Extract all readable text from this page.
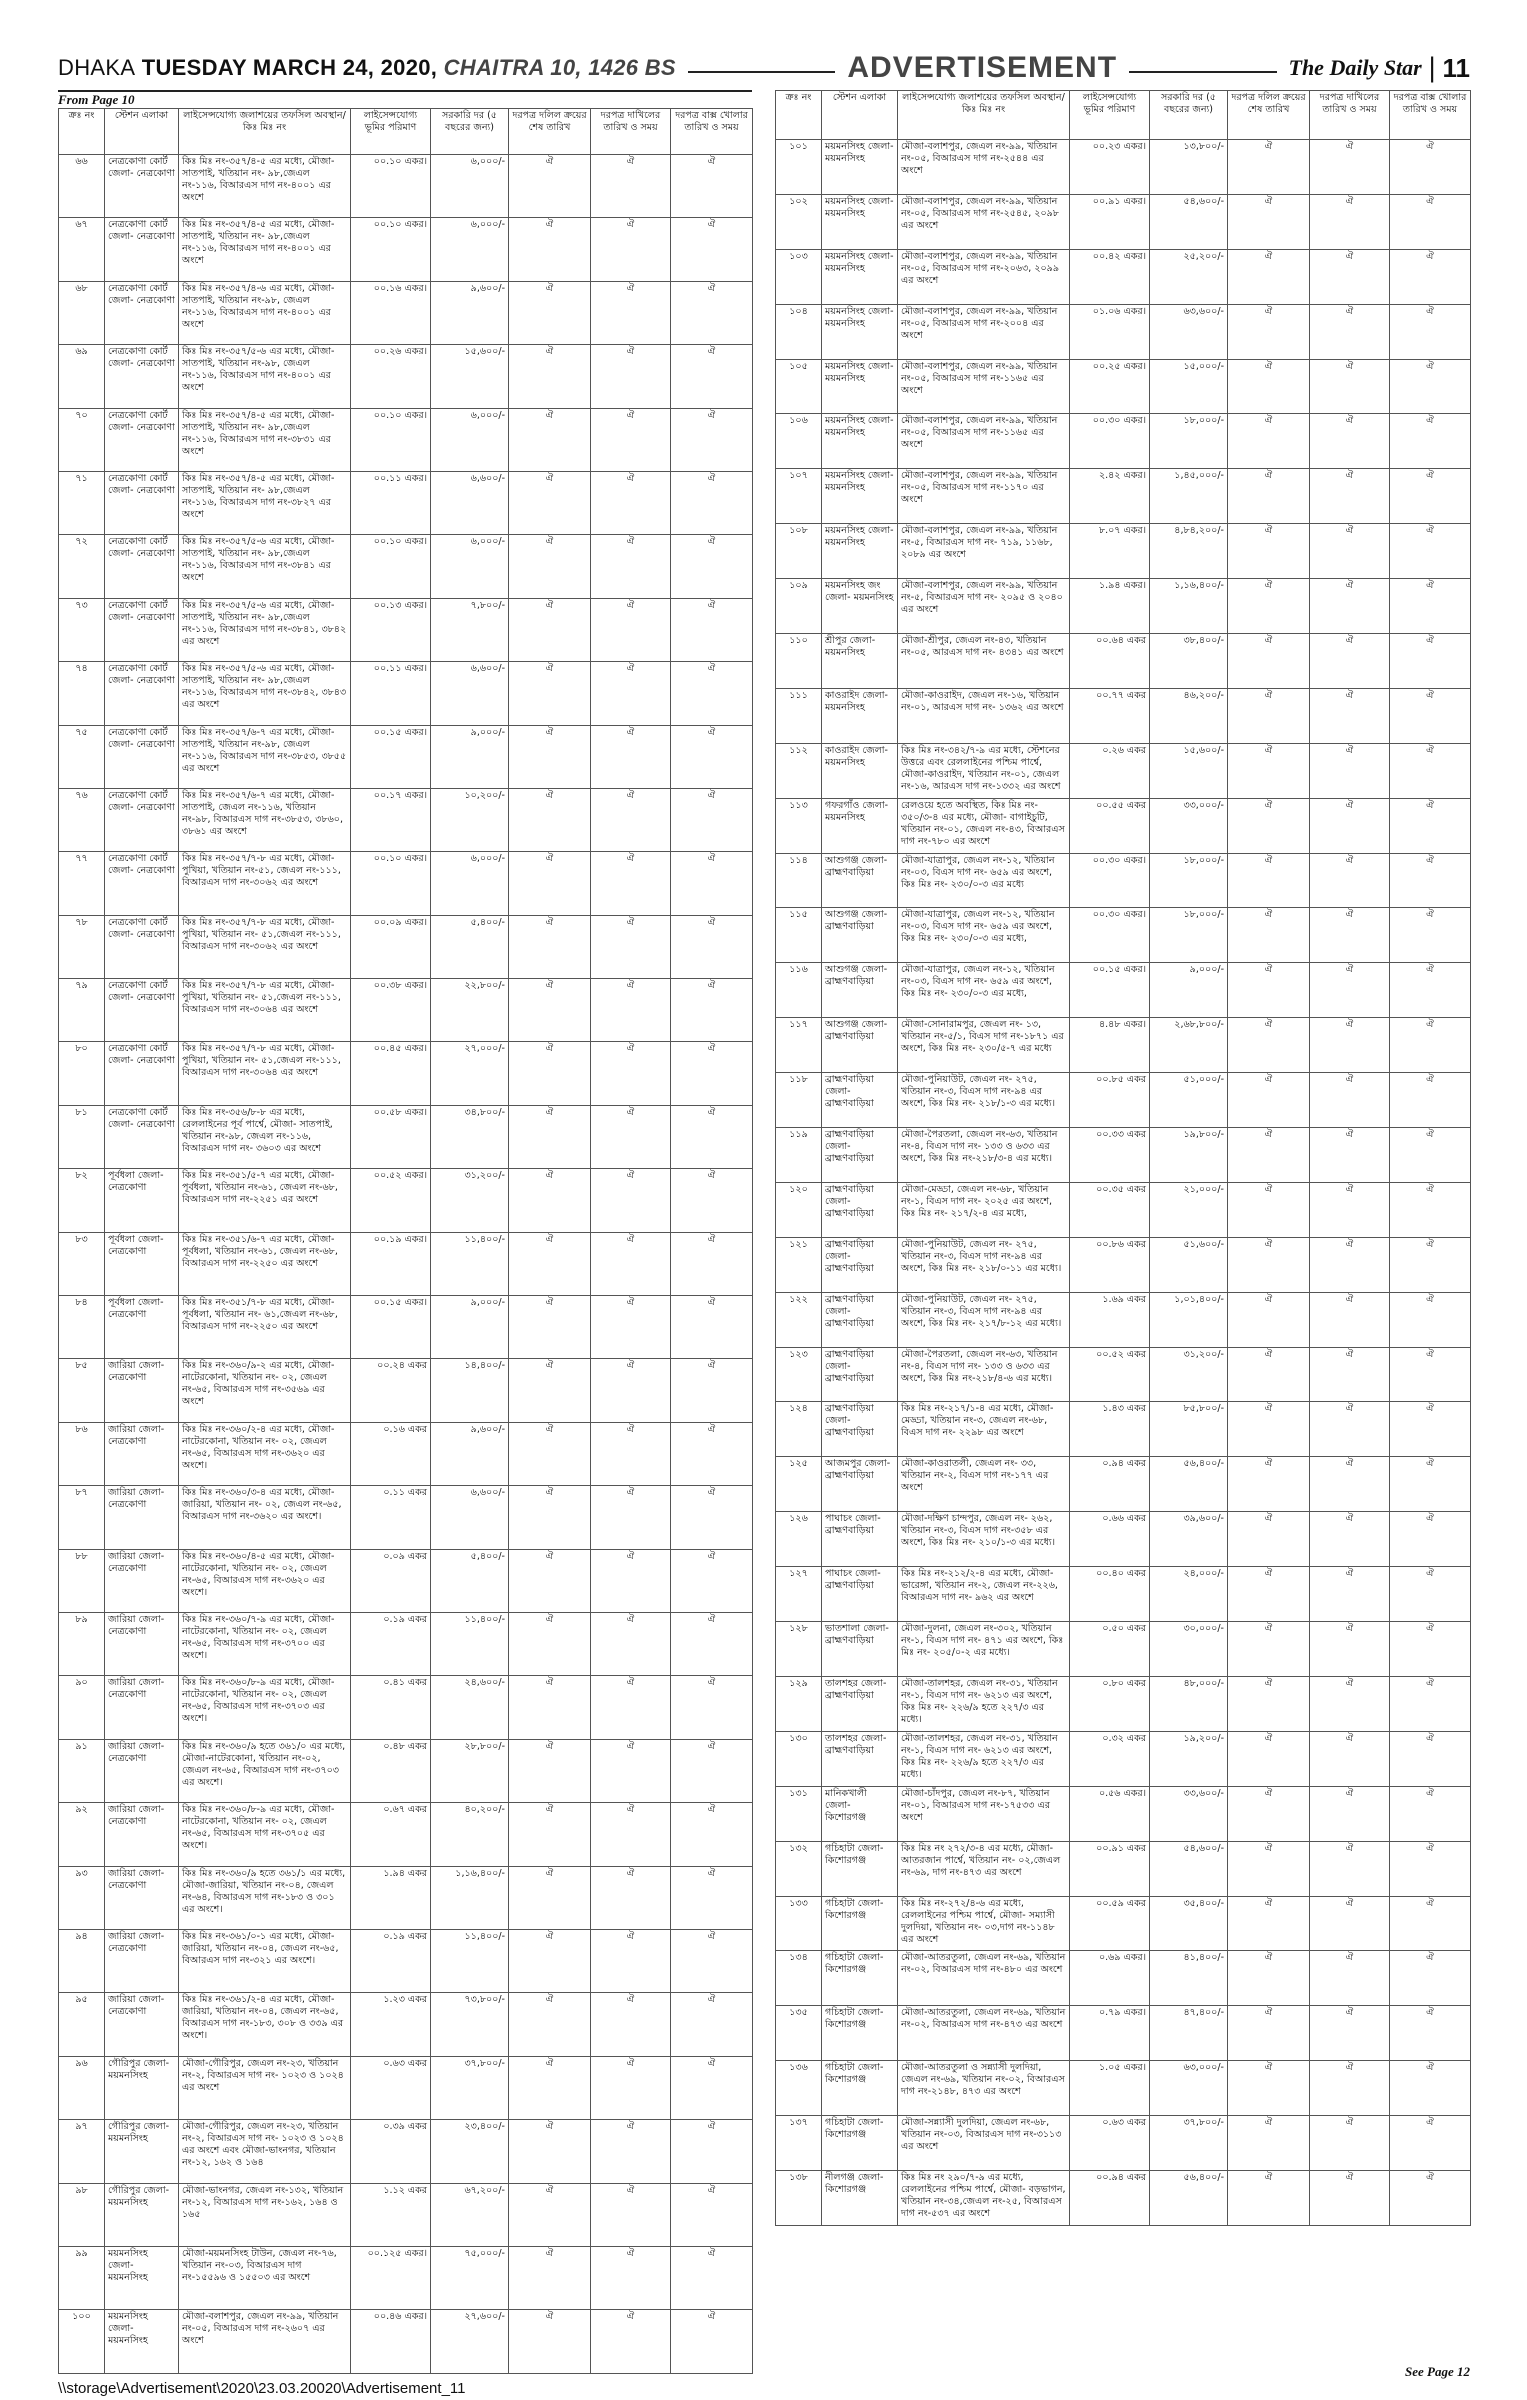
DHAKA TUESDAY MARCH 24, 2020, CHAITRA 10, 1426 BS	ADVERTISEMENT	The Daily Star | 11
From Page 10
ক্রঃ নং	স্টেশন এলাকা	লাইসেন্সযোগ্য জলাশয়ের তফসিল অবস্থান/কিঃ মিঃ নং	লাইসেন্সযোগ্য ভূমির পরিমাণ	সরকারি দর (৫ বছরের জন্য)	দরপত্র দলিল ক্রয়ের শেষ তারিখ	দরপত্র দাখিলের তারিখ ও সময়	দরপত্র বাক্স খোলার তারিখ ও সময়
৬৬	নেত্রকোণা কোর্ট জেলা- নেত্রকোণা	কিঃ মিঃ নং-৩৫৭/৪-৫ এর মধ্যে, মৌজা-সাতপাই, খতিয়ান নং- ৯৮,জেএল নং-১১৬, বিআরএস দাগ নং-৪০০১ এর অংশে	০০.১০ একর।	৬,০০০/-	ঐ	ঐ	ঐ
৬৭	নেত্রকোণা কোর্ট জেলা- নেত্রকোণা	কিঃ মিঃ নং-৩৫৭/৪-৫ এর মধ্যে, মৌজা-সাতপাই, খতিয়ান নং- ৯৮,জেএল নং-১১৬, বিআরএস দাগ নং-৪০০১ এর অংশে	০০.১০ একর।	৬,০০০/-	ঐ	ঐ	ঐ
৬৮	নেত্রকোণা কোর্ট জেলা- নেত্রকোণা	কিঃ মিঃ নং-৩৫৭/৪-৬ এর মধ্যে, মৌজা-সাতপাই, খতিয়ান নং-৯৮, জেএল নং-১১৬, বিআরএস দাগ নং-৪০০১ এর অংশে	০০.১৬ একর।	৯,৬০০/-	ঐ	ঐ	ঐ
৬৯	নেত্রকোণা কোর্ট জেলা- নেত্রকোণা	কিঃ মিঃ নং-৩৫৭/৫-৬ এর মধ্যে, মৌজা-সাতপাই, খতিয়ান নং-৯৮, জেএল নং-১১৬, বিআরএস দাগ নং-৪০০১ এর অংশে	০০.২৬ একর।	১৫,৬০০/-	ঐ	ঐ	ঐ
৭০	নেত্রকোণা কোর্ট জেলা- নেত্রকোণা	কিঃ মিঃ নং-৩৫৭/৪-৫ এর মধ্যে, মৌজা-সাতপাই, খতিয়ান নং- ৯৮,জেএল নং-১১৬, বিআরএস দাগ নং-৩৮৩১ এর অংশে	০০.১০ একর।	৬,০০০/-	ঐ	ঐ	ঐ
৭১	নেত্রকোণা কোর্ট জেলা- নেত্রকোণা	কিঃ মিঃ নং-৩৫৭/৪-৫ এর মধ্যে, মৌজা-সাতপাই, খতিয়ান নং- ৯৮,জেএল নং-১১৬, বিআরএস দাগ নং-৩৮২৭ এর অংশে	০০.১১ একর।	৬,৬০০/-	ঐ	ঐ	ঐ
৭২	নেত্রকোণা কোর্ট জেলা- নেত্রকোণা	কিঃ মিঃ নং-৩৫৭/৫-৬ এর মধ্যে, মৌজা-সাতপাই, খতিয়ান নং- ৯৮,জেএল নং-১১৬, বিআরএস দাগ নং-৩৮৪১ এর অংশে	০০.১০ একর।	৬,০০০/-	ঐ	ঐ	ঐ
৭৩	নেত্রকোণা কোর্ট জেলা- নেত্রকোণা	কিঃ মিঃ নং-৩৫৭/৫-৬ এর মধ্যে, মৌজা-সাতপাই, খতিয়ান নং- ৯৮,জেএল নং-১১৬, বিআরএস দাগ নং-৩৮৪১, ৩৮৪২ এর অংশে	০০.১৩ একর।	৭,৮০০/-	ঐ	ঐ	ঐ
৭৪	নেত্রকোণা কোর্ট জেলা- নেত্রকোণা	কিঃ মিঃ নং-৩৫৭/৫-৬ এর মধ্যে, মৌজা-সাতপাই, খতিয়ান নং- ৯৮,জেএল নং-১১৬, বিআরএস দাগ নং-৩৮৪২, ৩৮৪৩ এর অংশে	০০.১১ একর।	৬,৬০০/-	ঐ	ঐ	ঐ
৭৫	নেত্রকোণা কোর্ট জেলা- নেত্রকোণা	কিঃ মিঃ নং-৩৫৭/৬-৭ এর মধ্যে, মৌজা-সাতপাই, খতিয়ান নং-৯৮, জেএল নং-১১৬, বিআরএস দাগ নং-৩৮৫৩, ৩৮৫৫ এর অংশে	০০.১৫ একর।	৯,০০০/-	ঐ	ঐ	ঐ
৭৬	নেত্রকোণা কোর্ট জেলা- নেত্রকোণা	কিঃ মিঃ নং-৩৫৭/৬-৭ এর মধ্যে, মৌজা-সাতপাই, জেএল নং-১১৬, খতিয়ান নং-৯৮, বিআরএস দাগ নং-৩৮৫৩, ৩৮৬০, ৩৮৬১ এর অংশে	০০.১৭ একর।	১০,২০০/-	ঐ	ঐ	ঐ
৭৭	নেত্রকোণা কোর্ট জেলা- নেত্রকোণা	কিঃ মিঃ নং-৩৫৭/৭-৮ এর মধ্যে, মৌজা-পুখিয়া, খতিয়ান নং-৫১, জেএল নং-১১১, বিআরএস দাগ নং-৩০৬২ এর অংশে	০০.১০ একর।	৬,০০০/-	ঐ	ঐ	ঐ
৭৮	নেত্রকোণা কোর্ট জেলা- নেত্রকোণা	কিঃ মিঃ নং-৩৫৭/৭-৮ এর মধ্যে, মৌজা-পুখিয়া, খতিয়ান নং- ৫১,জেএল নং-১১১, বিআরএস দাগ নং-৩০৬২ এর অংশে	০০.০৯ একর।	৫,৪০০/-	ঐ	ঐ	ঐ
৭৯	নেত্রকোণা কোর্ট জেলা- নেত্রকোণা	কিঃ মিঃ নং-৩৫৭/৭-৮ এর মধ্যে, মৌজা-পুখিয়া, খতিয়ান নং- ৫১,জেএল নং-১১১, বিআরএস দাগ নং-৩০৬৪ এর অংশে	০০.৩৮ একর।	২২,৮০০/-	ঐ	ঐ	ঐ
৮০	নেত্রকোণা কোর্ট জেলা- নেত্রকোণা	কিঃ মিঃ নং-৩৫৭/৭-৮ এর মধ্যে, মৌজা-পুখিয়া, খতিয়ান নং- ৫১,জেএল নং-১১১, বিআরএস দাগ নং-৩০৬৪ এর অংশে	০০.৪৫ একর।	২৭,০০০/-	ঐ	ঐ	ঐ
৮১	নেত্রকোণা কোর্ট জেলা- নেত্রকোণা	কিঃ মিঃ নং-৩৫৬/৮-৮ এর মধ্যে, রেললাইনের পূর্ব পার্শ্বে, মৌজা- সাতপাই, খতিয়ান নং-৯৮, জেএল নং-১১৬, বিআরএস দাগ নং- ৩৬০৩ এর অংশে	০০.৫৮ একর।	৩৪,৮০০/-	ঐ	ঐ	ঐ
৮২	পূর্বধলা জেলা- নেত্রকোণা	কিঃ মিঃ নং-৩৫১/৫-৭ এর মধ্যে, মৌজা-পূর্বধলা, খতিয়ান নং-৬১, জেএল নং-৬৮, বিআরএস দাগ নং-২২৫১ এর অংশে	০০.৫২ একর।	৩১,২০০/-	ঐ	ঐ	ঐ
৮৩	পূর্বধলা জেলা- নেত্রকোণা	কিঃ মিঃ নং-৩৫১/৬-৭ এর মধ্যে, মৌজা-পূর্বধলা, খতিয়ান নং-৬১, জেএল নং-৬৮, বিআরএস দাগ নং-২২৫০ এর অংশে	০০.১৯ একর।	১১,৪০০/-	ঐ	ঐ	ঐ
৮৪	পূর্বধলা জেলা- নেত্রকোণা	কিঃ মিঃ নং-৩৫১/৭-৮ এর মধ্যে, মৌজা-পূর্বধলা, খতিয়ান নং- ৬১,জেএল নং-৬৮, বিআরএস দাগ নং-২২৫০ এর অংশে	০০.১৫ একর।	৯,০০০/-	ঐ	ঐ	ঐ
৮৫	জারিয়া জেলা- নেত্রকোণা	কিঃ মিঃ নং-৩৬০/৯-২ এর মধ্যে, মৌজা-নাটেরকোনা, খতিয়ান নং- ০২, জেএল নং-৬৫, বিআরএস দাগ নং-৩৫৬৯ এর অংশে	০০.২৪ একর	১৪,৪০০/-	ঐ	ঐ	ঐ
৮৬	জারিয়া জেলা- নেত্রকোণা	কিঃ মিঃ নং-৩৬০/২-৪ এর মধ্যে, মৌজা-নাটেরকোনা, খতিয়ান নং- ০২, জেএল নং-৬৫, বিআরএস দাগ নং-৩৬২০ এর অংশে।	০.১৬ একর	৯,৬০০/-	ঐ	ঐ	ঐ
৮৭	জারিয়া জেলা- নেত্রকোণা	কিঃ মিঃ নং-৩৬০/৩-৪ এর মধ্যে, মৌজা-জারিয়া, খতিয়ান নং- ০২, জেএল নং-৬৫, বিআরএস দাগ নং-৩৬২০ এর অংশে।	০.১১ একর	৬,৬০০/-	ঐ	ঐ	ঐ
৮৮	জারিয়া জেলা- নেত্রকোণা	কিঃ মিঃ নং-৩৬০/৪-৫ এর মধ্যে, মৌজা-নাটেরকোনা, খতিয়ান নং- ০২, জেএল নং-৬৫, বিআরএস দাগ নং-৩৬২০ এর অংশে।	০.০৯ একর	৫,৪০০/-	ঐ	ঐ	ঐ
৮৯	জারিয়া জেলা- নেত্রকোণা	কিঃ মিঃ নং-৩৬০/৭-৯ এর মধ্যে, মৌজা-নাটেরকোনা, খতিয়ান নং- ০২, জেএল নং-৬৫, বিআরএস দাগ নং-৩৭০০ এর অংশে।	০.১৯ একর	১১,৪০০/-	ঐ	ঐ	ঐ
৯০	জারিয়া জেলা- নেত্রকোণা	কিঃ মিঃ নং-৩৬০/৮-৯ এর মধ্যে, মৌজা-নাটেরকোনা, খতিয়ান নং- ০২, জেএল নং-৬৫, বিআরএস দাগ নং-৩৭০৩ এর অংশে।	০.৪১ একর	২৪,৬০০/-	ঐ	ঐ	ঐ
৯১	জারিয়া জেলা- নেত্রকোণা	কিঃ মিঃ নং-৩৬০/৯ হতে ৩৬১/০ এর মধ্যে, মৌজা-নাটেরকোনা, খতিয়ান নং-০২, জেএল নং-৬৫, বিআরএস দাগ নং-৩৭০৩ এর অংশে।	০.৪৮ একর	২৮,৮০০/-	ঐ	ঐ	ঐ
৯২	জারিয়া জেলা- নেত্রকোণা	কিঃ মিঃ নং-৩৬০/৮-৯ এর মধ্যে, মৌজা-নাটেরকোনা, খতিয়ান নং- ০২, জেএল নং-৬৫, বিআরএস দাগ নং-৩৭০৫ এর অংশে।	০.৬৭ একর	৪০,২০০/-	ঐ	ঐ	ঐ
৯৩	জারিয়া জেলা- নেত্রকোণা	কিঃ মিঃ নং-৩৬০/৯ হতে ৩৬১/১ এর মধ্যে, মৌজা-জারিয়া, খতিয়ান নং-০৪, জেএল নং-৬৪, বিআরএস দাগ নং-১৮৩ ও ৩০১ এর অংশে।	১.৯৪ একর	১,১৬,৪০০/-	ঐ	ঐ	ঐ
৯৪	জারিয়া জেলা- নেত্রকোণা	কিঃ মিঃ নং-৩৬১/০-১ এর মধ্যে, মৌজা-জারিয়া, খতিয়ান নং-০৪, জেএল নং-৬৫, বিআরএস দাগ নং-৩২১ এর অংশে।	০.১৯ একর	১১,৪০০/-	ঐ	ঐ	ঐ
৯৫	জারিয়া জেলা- নেত্রকোণা	কিঃ মিঃ নং-৩৬১/২-৪ এর মধ্যে, মৌজা-জারিয়া, খতিয়ান নং-০৪, জেএল নং-৬৫, বিআরএস দাগ নং-১৮৩, ৩০৮ ও ৩৩৯ এর অংশে।	১.২৩ একর	৭৩,৮০০/-	ঐ	ঐ	ঐ
৯৬	গৌরিপুর জেলা- ময়মনসিংহ	মৌজা-গৌরিপুর, জেএল নং-২৩, খতিয়ান নং-২, বিআরএস দাগ নং- ১০২৩ ও ১০২৪ এর অংশে	০.৬৩ একর	৩৭,৮০০/-	ঐ	ঐ	ঐ
৯৭	গৌরিপুর জেলা- ময়মনসিংহ	মৌজা-গৌরিপুর, জেএল নং-২৩, খতিয়ান নং-২, বিআরএস দাগ নং- ১০২৩ ও ১০২৪ এর অংশে এবং মৌজা-ভাংনগর, খতিয়ান নং-১২, ১৬২ ও ১৬৪	০.৩৯ একর	২৩,৪০০/-	ঐ	ঐ	ঐ
৯৮	গৌরিপুর জেলা- ময়মনসিংহ	মৌজা-ভাংনগর, জেএল নং-১৩২, খতিয়ান নং-১২, বিআরএস দাগ নং-১৬২, ১৬৪ ও ১৬৫	১.১২ একর	৬৭,২০০/-	ঐ	ঐ	ঐ
৯৯	ময়মনসিংহ জেলা- ময়মনসিংহ	মৌজা-ময়মনসিংহ টাউন, জেএল নং-৭৬, খতিয়ান নং-০৩, বিআরএস দাগ নং-১৫৫৯৬ ও ১৫৫০৩ এর অংশে	০০.১২৫ একর।	৭৫,০০০/-	ঐ	ঐ	ঐ
১০০	ময়মনসিংহ জেলা- ময়মনসিংহ	মৌজা-বলাশপুর, জেএল নং-৯৯, খতিয়ান নং-০৫, বিআরএস দাগ নং-২৬০৭ এর অংশে	০০.৪৬ একর।	২৭,৬০০/-	ঐ	ঐ	ঐ
ক্রঃ নং	স্টেশন এলাকা	লাইসেন্সযোগ্য জলাশয়ের তফসিল অবস্থান/কিঃ মিঃ নং	লাইসেন্সযোগ্য ভূমির পরিমাণ	সরকারি দর (৫ বছরের জন্য)	দরপত্র দলিল ক্রয়ের শেষ তারিখ	দরপত্র দাখিলের তারিখ ও সময়	দরপত্র বাক্স খোলার তারিখ ও সময়
১০১	ময়মনসিংহ জেলা- ময়মনসিংহ	মৌজা-বলাশপুর, জেএল নং-৯৯, খতিয়ান নং-০৫, বিআরএস দাগ নং-২৫৪৪ এর অংশে	০০.২৩ একর।	১৩,৮০০/-	ঐ	ঐ	ঐ
১০২	ময়মনসিংহ জেলা- ময়মনসিংহ	মৌজা-বলাশপুর, জেএল নং-৯৯, খতিয়ান নং-০৫, বিআরএস দাগ নং-২৫৪৫, ২০৯৮ এর অংশে	০০.৯১ একর।	৫৪,৬০০/-	ঐ	ঐ	ঐ
১০৩	ময়মনসিংহ জেলা- ময়মনসিংহ	মৌজা-বলাশপুর, জেএল নং-৯৯, খতিয়ান নং-০৫, বিআরএস দাগ নং-২০৬৩, ২০৯৯ এর অংশে	০০.৪২ একর।	২৫,২০০/-	ঐ	ঐ	ঐ
১০৪	ময়মনসিংহ জেলা- ময়মনসিংহ	মৌজা-বলাশপুর, জেএল নং-৯৯, খতিয়ান নং-০৫, বিআরএস দাগ নং-২০০৪ এর অংশে	০১.০৬ একর।	৬৩,৬০০/-	ঐ	ঐ	ঐ
১০৫	ময়মনসিংহ জেলা- ময়মনসিংহ	মৌজা-বলাশপুর, জেএল নং-৯৯, খতিয়ান নং-০৫, বিআরএস দাগ নং-১১৬৫ এর অংশে	০০.২৫ একর।	১৫,০০০/-	ঐ	ঐ	ঐ
১০৬	ময়মনসিংহ জেলা- ময়মনসিংহ	মৌজা-বলাশপুর, জেএল নং-৯৯, খতিয়ান নং-০৫, বিআরএস দাগ নং-১১৬৫ এর অংশে	০০.৩০ একর।	১৮,০০০/-	ঐ	ঐ	ঐ
১০৭	ময়মনসিংহ জেলা- ময়মনসিংহ	মৌজা-বলাশপুর, জেএল নং-৯৯, খতিয়ান নং-০৫, বিআরএস দাগ নং-১১৭০ এর অংশে	২.৪২ একর।	১,৪৫,০০০/-	ঐ	ঐ	ঐ
১০৮	ময়মনসিংহ জেলা- ময়মনসিংহ	মৌজা-বলাশপুর, জেএল নং-৯৯, খতিয়ান নং-৫, বিআরএস দাগ নং- ৭১৯, ১১৬৮, ২০৮৯ এর অংশে	৮.০৭ একর।	৪,৮৪,২০০/-	ঐ	ঐ	ঐ
১০৯	ময়মনসিংহ জং জেলা- ময়মনসিংহ	মৌজা-বলাশপুর, জেএল নং-৯৯, খতিয়ান নং-৫, বিআরএস দাগ নং- ২০৯৫ ও ২০৪০ এর অংশে	১.৯৪ একর।	১,১৬,৪০০/-	ঐ	ঐ	ঐ
১১০	শ্রীপুর জেলা- ময়মনসিংহ	মৌজা-শ্রীপুর, জেএল নং-৪৩, খতিয়ান নং-০৫, আরএস দাগ নং- ৪৩৪১ এর অংশে	০০.৬৪ একর	৩৮,৪০০/-	ঐ	ঐ	ঐ
১১১	কাওরাইদ জেলা- ময়মনসিংহ	মৌজা-কাওরাইদ, জেএল নং-১৬, খতিয়ান নং-০১, আরএস দাগ নং- ১৩৬২ এর অংশে	০০.৭৭ একর	৪৬,২০০/-	ঐ	ঐ	ঐ
১১২	কাওরাইদ জেলা- ময়মনসিংহ	কিঃ মিঃ নং-৩৪২/৭-৯ এর মধ্যে, স্টেশনের উত্তরে এবং রেললাইনের পশ্চিম পার্শ্বে, মৌজা-কাওরাইদ, খতিয়ান নং-০১, জেএল নং-১৬, আরএস দাগ নং-১৩৩২ এর অংশে	০.২৬ একর	১৫,৬০০/-	ঐ	ঐ	ঐ
১১৩	গফরগাঁও জেলা- ময়মনসিংহ	রেলওয়ে হতে অবস্থিত, কিঃ মিঃ নং- ৩৫০/৩-৪ এর মধ্যে, মৌজা- বাগাইচুটি, খতিয়ান নং-০১, জেএল নং-৪৩, বিআরএস দাগ নং-৭৮০ এর অংশে	০০.৫৫ একর	৩৩,০০০/-	ঐ	ঐ	ঐ
১১৪	আশুগঞ্জ জেলা- ব্রাহ্মণবাড়িয়া	মৌজা-যাত্রাপুর, জেএল নং-১২, খতিয়ান নং-০৩, বিএস দাগ নং- ৬৫৯ এর অংশে, কিঃ মিঃ নং- ২৩০/০-৩ এর মধ্যে	০০.৩০ একর।	১৮,০০০/-	ঐ	ঐ	ঐ
১১৫	আশুগঞ্জ জেলা- ব্রাহ্মণবাড়িয়া	মৌজা-যাত্রাপুর, জেএল নং-১২, খতিয়ান নং-০৩, বিএস দাগ নং- ৬৫৯ এর অংশে, কিঃ মিঃ নং- ২৩০/০-৩ এর মধ্যে,	০০.৩০ একর।	১৮,০০০/-	ঐ	ঐ	ঐ
১১৬	আশুগঞ্জ জেলা- ব্রাহ্মণবাড়িয়া	মৌজা-যাত্রাপুর, জেএল নং-১২, খতিয়ান নং-০৩, বিএস দাগ নং- ৬৫৯ এর অংশে, কিঃ মিঃ নং- ২৩০/০-৩ এর মধ্যে,	০০.১৫ একর।	৯,০০০/-	ঐ	ঐ	ঐ
১১৭	আশুগঞ্জ জেলা- ব্রাহ্মণবাড়িয়া	মৌজা-সোনারামপুর, জেএল নং- ১৩, খতিয়ান নং-৫/১, বিএস দাগ নং-১৮৭১ এর অংশে, কিঃ মিঃ নং- ২৩০/৫-৭ এর মধ্যে	৪.৪৮ একর।	২,৬৮,৮০০/-	ঐ	ঐ	ঐ
১১৮	ব্রাহ্মণবাড়িয়া জেলা- ব্রাহ্মণবাড়িয়া	মৌজা-পুনিয়াউট, জেএল নং- ২৭৫, খতিয়ান নং-৩, বিএস দাগ নং-৯৪ এর অংশে, কিঃ মিঃ নং- ২১৮/১-৩ এর মধ্যে।	০০.৮৫ একর	৫১,০০০/-	ঐ	ঐ	ঐ
১১৯	ব্রাহ্মণবাড়িয়া জেলা- ব্রাহ্মণবাড়িয়া	মৌজা-পৈরতলা, জেএল নং-৬৩, খতিয়ান নং-৪, বিএস দাগ নং- ১৩৩ ও ৬৩৩ এর অংশে, কিঃ মিঃ নং-২১৮/৩-৪ এর মধ্যে।	০০.৩৩ একর	১৯,৮০০/-	ঐ	ঐ	ঐ
১২০	ব্রাহ্মণবাড়িয়া জেলা- ব্রাহ্মণবাড়িয়া	মৌজা-মেড্ডা, জেএল নং-৬৮, খতিয়ান নং-১, বিএস দাগ নং- ২০২৫ এর অংশে, কিঃ মিঃ নং- ২১৭/২-৪ এর মধ্যে,	০০.৩৫ একর	২১,০০০/-	ঐ	ঐ	ঐ
১২১	ব্রাহ্মণবাড়িয়া জেলা- ব্রাহ্মণবাড়িয়া	মৌজা-পুনিয়াউট, জেএল নং- ২৭৫, খতিয়ান নং-৩, বিএস দাগ নং-৯৪ এর অংশে, কিঃ মিঃ নং- ২১৮/০-১১ এর মধ্যে।	০০.৮৬ একর	৫১,৬০০/-	ঐ	ঐ	ঐ
১২২	ব্রাহ্মণবাড়িয়া জেলা- ব্রাহ্মণবাড়িয়া	মৌজা-পুনিয়াউট, জেএল নং- ২৭৫, খতিয়ান নং-৩, বিএস দাগ নং-৯৪ এর অংশে, কিঃ মিঃ নং- ২১৭/৮-১২ এর মধ্যে।	১.৬৯ একর	১,০১,৪০০/-	ঐ	ঐ	ঐ
১২৩	ব্রাহ্মণবাড়িয়া জেলা- ব্রাহ্মণবাড়িয়া	মৌজা-পৈরতলা, জেএল নং-৬৩, খতিয়ান নং-৪, বিএস দাগ নং- ১৩৩ ও ৬৩৩ এর অংশে, কিঃ মিঃ নং-২১৮/৪-৬ এর মধ্যে।	০০.৫২ একর	৩১,২০০/-	ঐ	ঐ	ঐ
১২৪	ব্রাহ্মণবাড়িয়া জেলা- ব্রাহ্মণবাড়িয়া	কিঃ মিঃ নং-২১৭/১-৪ এর মধ্যে, মৌজা-মেড্ডা, খতিয়ান নং-৩, জেএল নং-৬৮, বিএস দাগ নং- ২২৯৮ এর অংশে	১.৪৩ একর	৮৫,৮০০/-	ঐ	ঐ	ঐ
১২৫	আজমপুর জেলা- ব্রাহ্মণবাড়িয়া	মৌজা-কাওরাতলী, জেএল নং- ৩৩, খতিয়ান নং-২, বিএস দাগ নং-১৭৭ এর অংশে	০.৯৪ একর	৫৬,৪০০/-	ঐ	ঐ	ঐ
১২৬	পাঘাচং জেলা- ব্রাহ্মণবাড়িয়া	মৌজা-দক্ষিণ চান্দপুর, জেএল নং- ২৬২, খতিয়ান নং-৩, বিএস দাগ নং-৩৫৮ এর অংশে, কিঃ মিঃ নং- ২১০/১-৩ এর মধ্যে।	০.৬৬ একর	৩৯,৬০০/-	ঐ	ঐ	ঐ
১২৭	পাঘাচং জেলা- ব্রাহ্মণবাড়িয়া	কিঃ মিঃ নং-২১২/২-৪ এর মধ্যে, মৌজা-ভারেঙ্গা, খতিয়ান নং-২, জেএল নং-২২৬, বিআরএস দাগ নং- ৯৬২ এর অংশে	০০.৪০ একর	২৪,০০০/-	ঐ	ঐ	ঐ
১২৮	ভাতশালা জেলা- ব্রাহ্মণবাড়িয়া	মৌজা-দুলনা, জেএল নং-৩০২, খতিয়ান নং-১, বিএস দাগ নং- ৪৭১ এর অংশে, কিঃ মিঃ নং- ২০৫/০-২ এর মধ্যে।	০.৫০ একর	৩০,০০০/-	ঐ	ঐ	ঐ
১২৯	তালশহর জেলা- ব্রাহ্মণবাড়িয়া	মৌজা-তালশহর, জেএল নং-৩১, খতিয়ান নং-১, বিএস দাগ নং- ৬২১৩ এর অংশে, কিঃ মিঃ নং- ২২৬/৯ হতে ২২৭/৩ এর মধ্যে।	০.৮০ একর	৪৮,০০০/-	ঐ	ঐ	ঐ
১৩০	তালশহর জেলা- ব্রাহ্মণবাড়িয়া	মৌজা-তালশহর, জেএল নং-৩১, খতিয়ান নং-১, বিএস দাগ নং- ৬২১৩ এর অংশে, কিঃ মিঃ নং- ২২৬/৯ হতে ২২৭/৩ এর মধ্যে।	০.৩২ একর	১৯,২০০/-	ঐ	ঐ	ঐ
১৩১	মানিকখালী জেলা- কিশোরগঞ্জ	মৌজা-চাঁদপুর, জেএল নং-৮৭, খতিয়ান নং-০১, বিআরএস দাগ নং-১৭৫৩৩ এর অংশে	০.৫৬ একর।	৩৩,৬০০/-	ঐ	ঐ	ঐ
১৩২	গচিহাটা জেলা- কিশোরগঞ্জ	কিঃ মিঃ নং ২৭২/৩-৪ এর মধ্যে, মৌজা-আতরজান পার্শ্বে, খতিয়ান নং- ০২,জেএল নং-৬৯, দাগ নং-৪৭৩ এর অংশে	০০.৯১ একর	৫৪,৬০০/-	ঐ	ঐ	ঐ
১৩৩	গচিহাটা জেলা- কিশোরগঞ্জ	কিঃ মিঃ নং-২৭২/৪-৬ এর মধ্যে, রেললাইনের পশ্চিম পার্শ্বে, মৌজা- সম্যাসী দুলদিয়া, খতিয়ান নং- ০৩,দাগ নং-১১৪৮ এর অংশে	০০.৫৯ একর	৩৫,৪০০/-	ঐ	ঐ	ঐ
১৩৪	গচিহাটা জেলা- কিশোরগঞ্জ	মৌজা-আতরতুলা, জেএল নং-৬৯, খতিয়ান নং-০২, বিআরএস দাগ নং-৪৮০ এর অংশে	০.৬৯ একর।	৪১,৪০০/-	ঐ	ঐ	ঐ
১৩৫	গচিহাটা জেলা- কিশোরগঞ্জ	মৌজা-আতরতুলা, জেএল নং-৬৯, খতিয়ান নং-০২, বিআরএস দাগ নং-৪৭৩ এর অংশে	০.৭৯ একর।	৪৭,৪০০/-	ঐ	ঐ	ঐ
১৩৬	গচিহাটা জেলা- কিশোরগঞ্জ	মৌজা-আতরতুলা ও সন্ন্যাসী দুলদিয়া, জেএল নং-৬৯, খতিয়ান নং-০২, বিআরএস দাগ নং-২১৪৮, ৪৭৩ এর অংশে	১.০৫ একর।	৬৩,০০০/-	ঐ	ঐ	ঐ
১৩৭	গচিহাটা জেলা- কিশোরগঞ্জ	মৌজা-সন্ন্যাসী দুলদিয়া, জেএল নং-৬৮, খতিয়ান নং-০৩, বিআরএস দাগ নং-৩১১৩ এর অংশে	০.৬৩ একর	৩৭,৮০০/-	ঐ	ঐ	ঐ
১৩৮	নীলগঞ্জ জেলা- কিশোরগঞ্জ	কিঃ মিঃ নং ২৯০/৭-৯ এর মধ্যে, রেললাইনের পশ্চিম পার্শ্বে, মৌজা- বড়ভাগন, খতিয়ান নং-৩৪,জেএল নং-২৫, বিআরএস দাগ নং-৫৩৭ এর অংশে	০০.৯৪ একর	৫৬,৪০০/-	ঐ	ঐ	ঐ
See Page 12
\\storage\Advertisement\2020\23.03.20020\Advertisement_11
